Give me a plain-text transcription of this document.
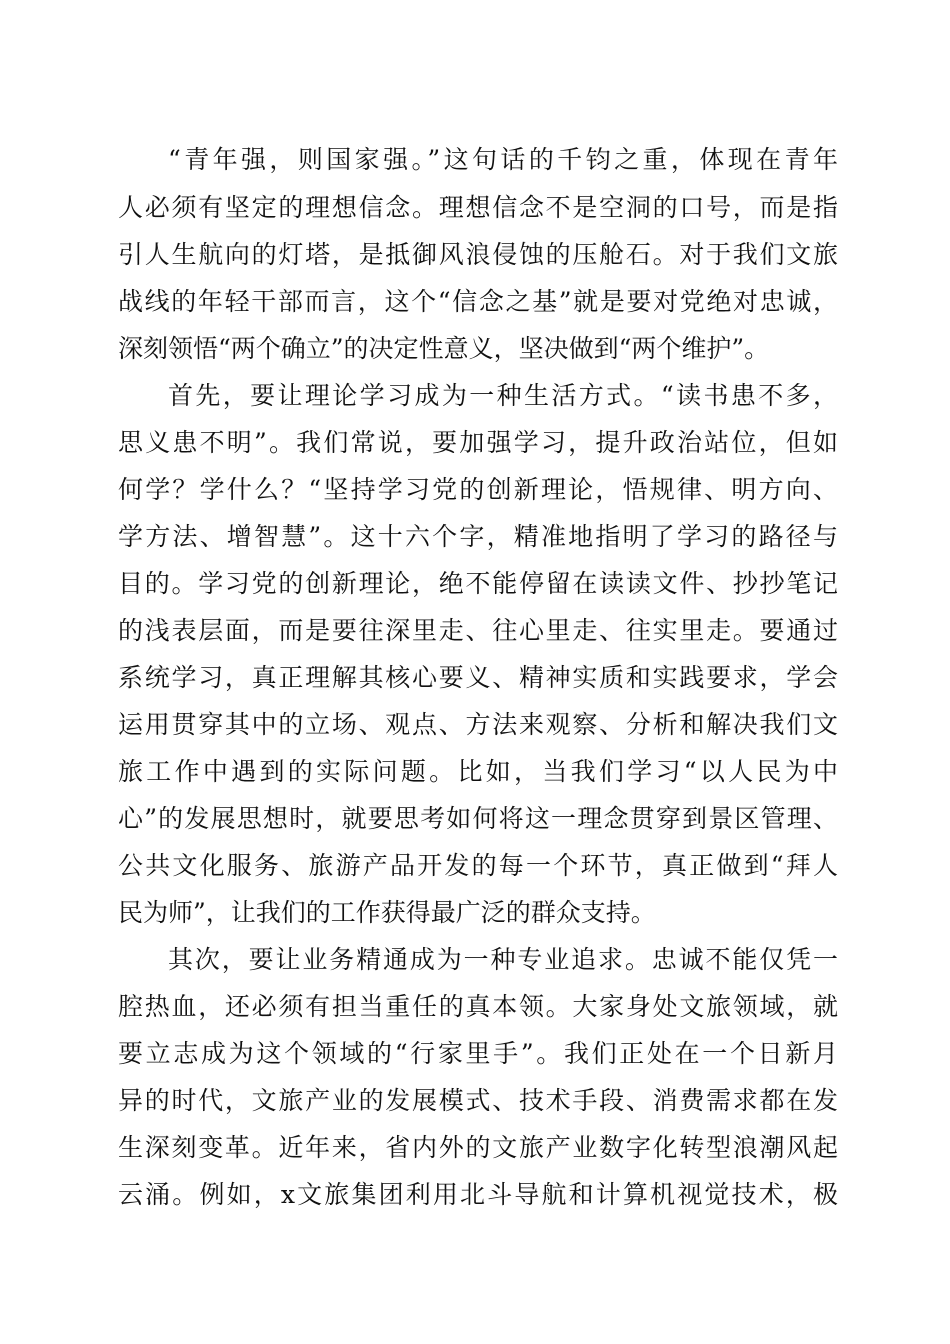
“青年强，则国家强。”这句话的千钧之重，体现在青年
人必须有坚定的理想信念。理想信念不是空洞的口号，而是指
引人生航向的灯塔，是抵御风浪侵蚀的压舱石。对于我们文旅
战线的年轻干部而言，这个“信念之基”就是要对党绝对忠诚，
深刻领悟“两个确立”的决定性意义，坚决做到“两个维护”。
首先，要让理论学习成为一种生活方式。“读书患不多，
思义患不明”。我们常说，要加强学习，提升政治站位，但如
何学？学什么？“坚持学习党的创新理论，悟规律、明方向、
学方法、增智慧”。这十六个字，精准地指明了学习的路径与
目的。学习党的创新理论，绝不能停留在读读文件、抄抄笔记
的浅表层面，而是要往深里走、往心里走、往实里走。要通过
系统学习，真正理解其核心要义、精神实质和实践要求，学会
运用贯穿其中的立场、观点、方法来观察、分析和解决我们文
旅工作中遇到的实际问题。比如，当我们学习“以人民为中
心”的发展思想时，就要思考如何将这一理念贯穿到景区管理、
公共文化服务、旅游产品开发的每一个环节，真正做到“拜人
民为师”，让我们的工作获得最广泛的群众支持。
其次，要让业务精通成为一种专业追求。忠诚不能仅凭一
腔热血，还必须有担当重任的真本领。大家身处文旅领域，就
要立志成为这个领域的“行家里手”。我们正处在一个日新月
异的时代，文旅产业的发展模式、技术手段、消费需求都在发
生深刻变革。近年来，省内外的文旅产业数字化转型浪潮风起
云涌。例如，x文旅集团利用北斗导航和计算机视觉技术，极
